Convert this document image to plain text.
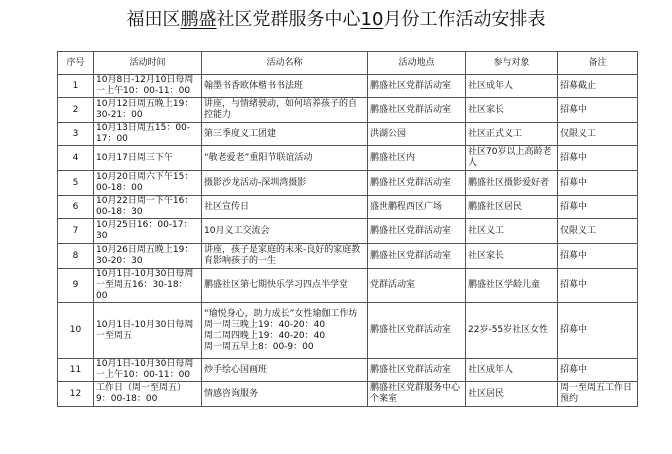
福田区鹏盛社区党群服务中心10月份工作活动安排表
序号	活动时间	活动名称	活动地点	参与对象	备注
1	10月8日-12月10日每周一上午10：00-11：00	翰墨书香欧体楷书书法班	鹏盛社区党群活动室	社区成年人	招募截止
2	10月12日周五晚上19：30-21：00	讲座，与情绪驶动，如何培养孩子的自控能力	鹏盛社区党群活动室	社区家长	招募中
3	10月13日周五15：00-17：00	第三季度义工团建	洪湖公园	社区正式义工	仅限义工
4	10月17日周三下午	“敬老爱老”重阳节联谊活动	鹏盛社区内	社区70岁以上高龄老人	招募中
5	10月20日周六下午15：00-18：00	摄影沙龙活动-深圳湾摄影	鹏盛社区党群活动室	鹏盛社区摄影爱好者	招募中
6	10月22日周一下午16：00-18：30	社区宣传日	盛世鹏程西区广场	鹏盛社区居民	招募中
7	10月25日16：00-17：30	10月义工交流会	鹏盛社区党群活动室	社区义工	仅限义工
8	10月26日周五晚上19：30-20：30	讲座，孩子是家庭的未来-良好的家庭教育影响孩子的一生	鹏盛社区党群活动室	社区家长	招募中
9	10月1日-10月30日每周一至周五16：30-18：00	鹏盛社区第七期快乐学习四点半学堂	党群活动室	鹏盛社区学龄儿童	招募中
10	10月1日-10月30日每周一至周五	“瑜悦身心，助力成长”女性瑜伽工作坊
周一周三晚上19：40-20：40
周二周四晚上19：40-20：40
周一周五早上8：00-9：00	鹏盛社区党群活动室	22岁-55岁社区女性	招募中
11	10月1日-10月30日每周一上午10：00-11：00	炒手绘心国画班	鹏盛社区党群活动室	社区成年人	招募中
12	工作日（周一至周五）9：00-18：00	情感咨询服务	鹏盛社区党群服务中心个案室	社区居民	周一至周五工作日预约
